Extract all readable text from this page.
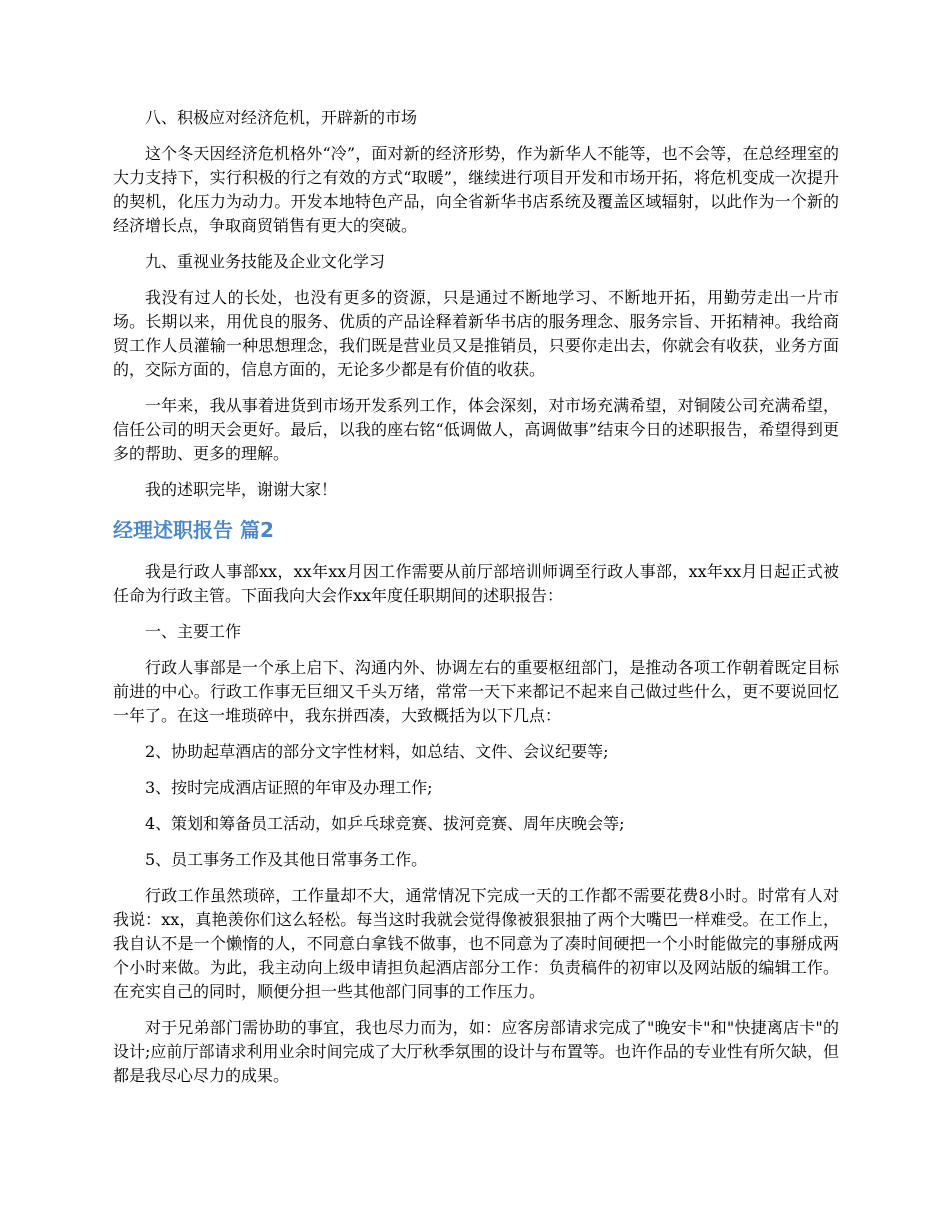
八、积极应对经济危机，开辟新的市场

这个冬天因经济危机格外“冷”，面对新的经济形势，作为新华人不能等，也不会等，在总经理室的大力支持下，实行积极的行之有效的方式“取暖”，继续进行项目开发和市场开拓，将危机变成一次提升的契机，化压力为动力。开发本地特色产品，向全省新华书店系统及覆盖区域辐射，以此作为一个新的经济增长点，争取商贸销售有更大的突破。

九、重视业务技能及企业文化学习

我没有过人的长处，也没有更多的资源，只是通过不断地学习、不断地开拓，用勤劳走出一片市场。长期以来，用优良的服务、优质的产品诠释着新华书店的服务理念、服务宗旨、开拓精神。我给商贸工作人员灌输一种思想理念，我们既是营业员又是推销员，只要你走出去，你就会有收获，业务方面的，交际方面的，信息方面的，无论多少都是有价值的收获。

一年来，我从事着进货到市场开发系列工作，体会深刻，对市场充满希望，对铜陵公司充满希望，信任公司的明天会更好。最后，以我的座右铭“低调做人，高调做事”结束今日的述职报告，希望得到更多的帮助、更多的理解。

我的述职完毕，谢谢大家！

经理述职报告 篇2

我是行政人事部xx，xx年xx月因工作需要从前厅部培训师调至行政人事部，xx年xx月日起正式被任命为行政主管。下面我向大会作xx年度任职期间的述职报告：

一、主要工作

行政人事部是一个承上启下、沟通内外、协调左右的重要枢纽部门，是推动各项工作朝着既定目标前进的中心。行政工作事无巨细又千头万绪，常常一天下来都记不起来自己做过些什么，更不要说回忆一年了。在这一堆琐碎中，我东拼西凑，大致概括为以下几点：

2、协助起草酒店的部分文字性材料，如总结、文件、会议纪要等;

3、按时完成酒店证照的年审及办理工作;

4、策划和筹备员工活动，如乒乓球竞赛、拔河竞赛、周年庆晚会等;

5、员工事务工作及其他日常事务工作。

行政工作虽然琐碎，工作量却不大，通常情况下完成一天的工作都不需要花费8小时。时常有人对我说：xx，真艳羡你们这么轻松。每当这时我就会觉得像被狠狠抽了两个大嘴巴一样难受。在工作上，我自认不是一个懒惰的人，不同意白拿钱不做事，也不同意为了凑时间硬把一个小时能做完的事掰成两个小时来做。为此，我主动向上级申请担负起酒店部分工作：负责稿件的初审以及网站版的编辑工作。在充实自己的同时，顺便分担一些其他部门同事的工作压力。

对于兄弟部门需协助的事宜，我也尽力而为，如：应客房部请求完成了"晚安卡"和"快捷离店卡"的设计;应前厅部请求利用业余时间完成了大厅秋季氛围的设计与布置等。也许作品的专业性有所欠缺，但都是我尽心尽力的成果。
